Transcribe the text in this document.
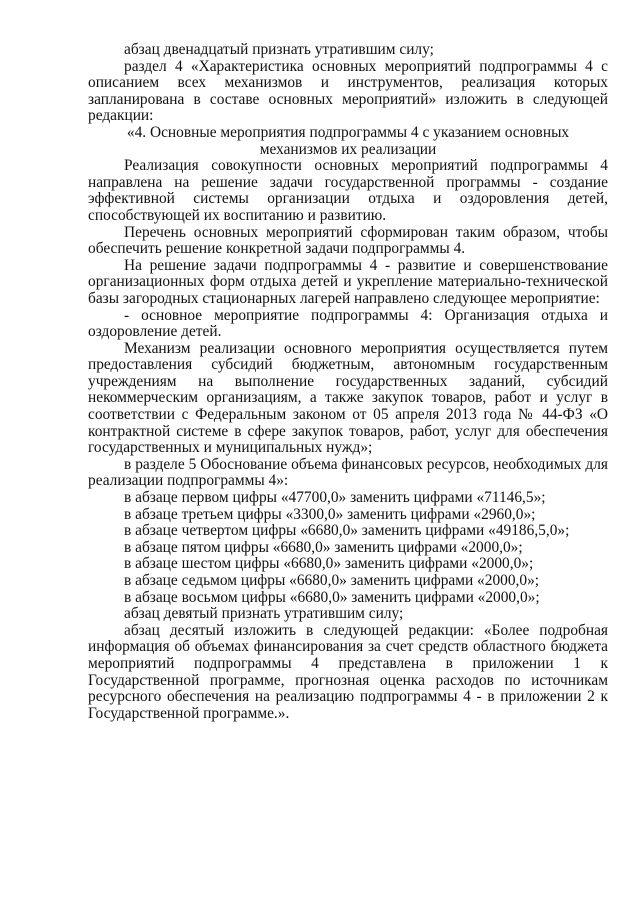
абзац двенадцатый признать утратившим силу;

раздел 4 «Характеристика основных мероприятий подпрограммы 4 с описанием всех механизмов и инструментов, реализация которых запланирована в составе основных мероприятий» изложить в следующей редакции:

«4. Основные мероприятия подпрограммы 4 с указанием основных механизмов их реализации

Реализация совокупности основных мероприятий подпрограммы 4 направлена на решение задачи государственной программы - создание эффективной системы организации отдыха и оздоровления детей, способствующей их воспитанию и развитию.

Перечень основных мероприятий сформирован таким образом, чтобы обеспечить решение конкретной задачи подпрограммы 4.

На решение задачи подпрограммы 4 - развитие и совершенствование организационных форм отдыха детей и укрепление материально-технической базы загородных стационарных лагерей направлено следующее мероприятие:

- основное мероприятие подпрограммы 4: Организация отдыха и оздоровление детей.

Механизм реализации основного мероприятия осуществляется путем предоставления субсидий бюджетным, автономным государственным учреждениям на выполнение государственных заданий, субсидий некоммерческим организациям, а также закупок товаров, работ и услуг в соответствии с Федеральным законом от 05 апреля 2013 года № 44-ФЗ «О контрактной системе в сфере закупок товаров, работ, услуг для обеспечения государственных и муниципальных нужд»;

в разделе 5 Обоснование объема финансовых ресурсов, необходимых для реализации подпрограммы 4»:

в абзаце первом цифры «47700,0» заменить цифрами «71146,5»;

в абзаце третьем цифры «3300,0» заменить цифрами «2960,0»;

в абзаце четвертом цифры «6680,0» заменить цифрами «49186,5,0»;

в абзаце пятом цифры «6680,0» заменить цифрами «2000,0»;

в абзаце шестом цифры «6680,0» заменить цифрами «2000,0»;

в абзаце седьмом цифры «6680,0» заменить цифрами «2000,0»;

в абзаце восьмом цифры «6680,0» заменить цифрами «2000,0»;

абзац девятый признать утратившим силу;

абзац десятый изложить в следующей редакции: «Более подробная информация об объемах финансирования за счет средств областного бюджета мероприятий подпрограммы 4 представлена в приложении 1 к Государственной программе, прогнозная оценка расходов по источникам ресурсного обеспечения на реализацию подпрограммы 4 - в приложении 2 к Государственной программе.».
